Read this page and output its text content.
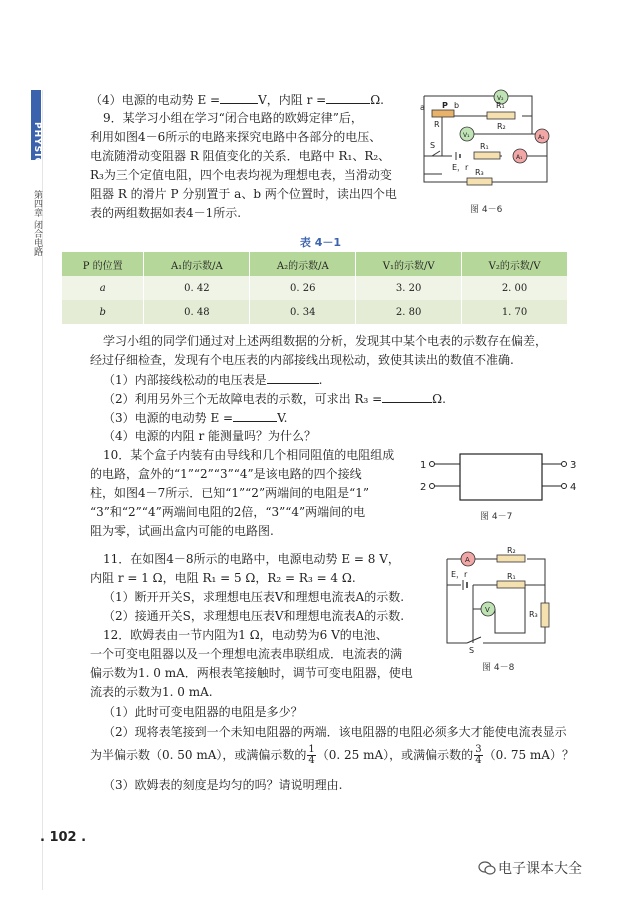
PHYSICS
第四章 闭合电路
（4）电源的电动势 E =	V，内阻 r =	Ω.
9．某学习小组在学习“闭合电路的欧姆定律”后，
利用如图4－6所示的电路来探究电路中各部分的电压、
电流随滑动变阻器 R 阻值变化的关系．电路中 R₁、R₂、
R₃为三个定值电阻，四个电表均视为理想电表，当滑动变
阻器 R 的滑片 P 分别置于 a、b 两个位置时，读出四个电
表的两组数据如表4－1所示.
a P b
R
V₂
V₁
R₁
R₂
R₁
A₂
A₁
S
E，r
R₃
图 4－6
表 4－1
P 的位置	A₁的示数/A	A₂的示数/A	V₁的示数/V	V₂的示数/V
a	0. 42	0. 26	3. 20	2. 00
b	0. 48	0. 34	2. 80	1. 70
学习小组的同学们通过对上述两组数据的分析，发现其中某个电表的示数存在偏差，
经过仔细检查，发现有个电压表的内部接线出现松动，致使其读出的数值不准确.
（1）内部接线松动的电压表是	.
（2）利用另外三个无故障电表的示数，可求出 R₃ =	Ω.
（3）电源的电动势 E =	V.
（4）电源的内阻 r 能测量吗？为什么？
10．某个盒子内装有由导线和几个相同阻值的电阻组成
的电路，盒外的“1”“2”“3”“4”是该电路的四个接线
柱，如图4－7所示．已知“1”“2”两端间的电阻是“1”
“3”和“2”“4”两端间电阻的2倍，“3”“4”两端间的电
阻为零，试画出盒内可能的电路图.
1
2
3
4
图 4－7
11．在如图4－8所示的电路中，电源电动势 E = 8 V，
内阻 r = 1 Ω，电阻 R₁ = 5 Ω，R₂ = R₃ = 4 Ω.
（1）断开开关S，求理想电压表V和理想电流表A的示数.
（2）接通开关S，求理想电压表V和理想电流表A的示数.
A
R₂
E，r	R₁
V	R₃
S
图 4－8
12．欧姆表由一节内阻为1 Ω，电动势为6 V的电池、
一个可变电阻器以及一个理想电流表串联组成．电流表的满
偏示数为1. 0 mA．两根表笔接触时，调节可变电阻器，使电
流表的示数为1. 0 mA.
（1）此时可变电阻器的电阻是多少？
（2）现将表笔接到一个未知电阻器的两端．该电阻器的电阻必须多大才能使电流表显示
为半偏示数（0. 50 mA），或满偏示数的 $\frac{1}{4} (0$. 25 mA），或满偏示数的 $\frac{3}{4} (0$. 75 mA）？
（3）欧姆表的刻度是均匀的吗？请说明理由.
. 102 .
电子课本大全
